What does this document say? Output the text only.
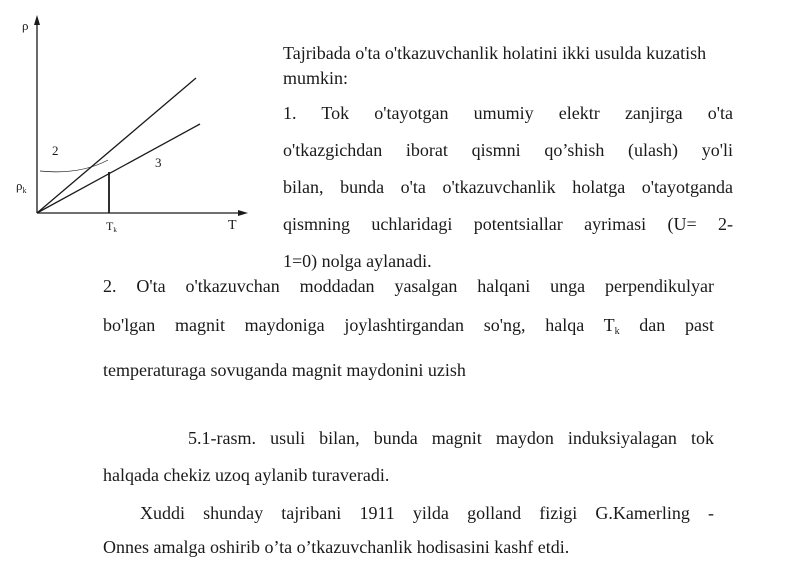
ρ
T
2
3
$\rho_k$
Tk

Tajribada o'ta o'tkazuvchanlik holatini ikki usulda kuzatish mumkin:

1. Tok o'tayotgan umumiy elektr zanjirga o'ta

o'tkazgichdan iborat qismni qo’shish (ulash) yo'li

bilan, bunda o'ta o'tkazuvchanlik holatga o'tayotganda

qismning uchlaridagi potentsiallar ayrimasi (U= 2-

1=0) nolga aylanadi.

2. O'ta o'tkazuvchan moddadan yasalgan halqani unga perpendikulyar

bo'lgan magnit maydoniga joylashtirgandan so'ng, halqa $T_k$ dan past

temperaturaga sovuganda magnit maydonini uzish

5.1-rasm. usuli bilan, bunda magnit maydon induksiyalagan tok

halqada chekiz uzoq aylanib turaveradi.

Xuddi shunday tajribani 1911 yilda golland fizigi G.Kamerling -

Onnes amalga oshirib o’ta o’tkazuvchanlik hodisasini kashf etdi.
